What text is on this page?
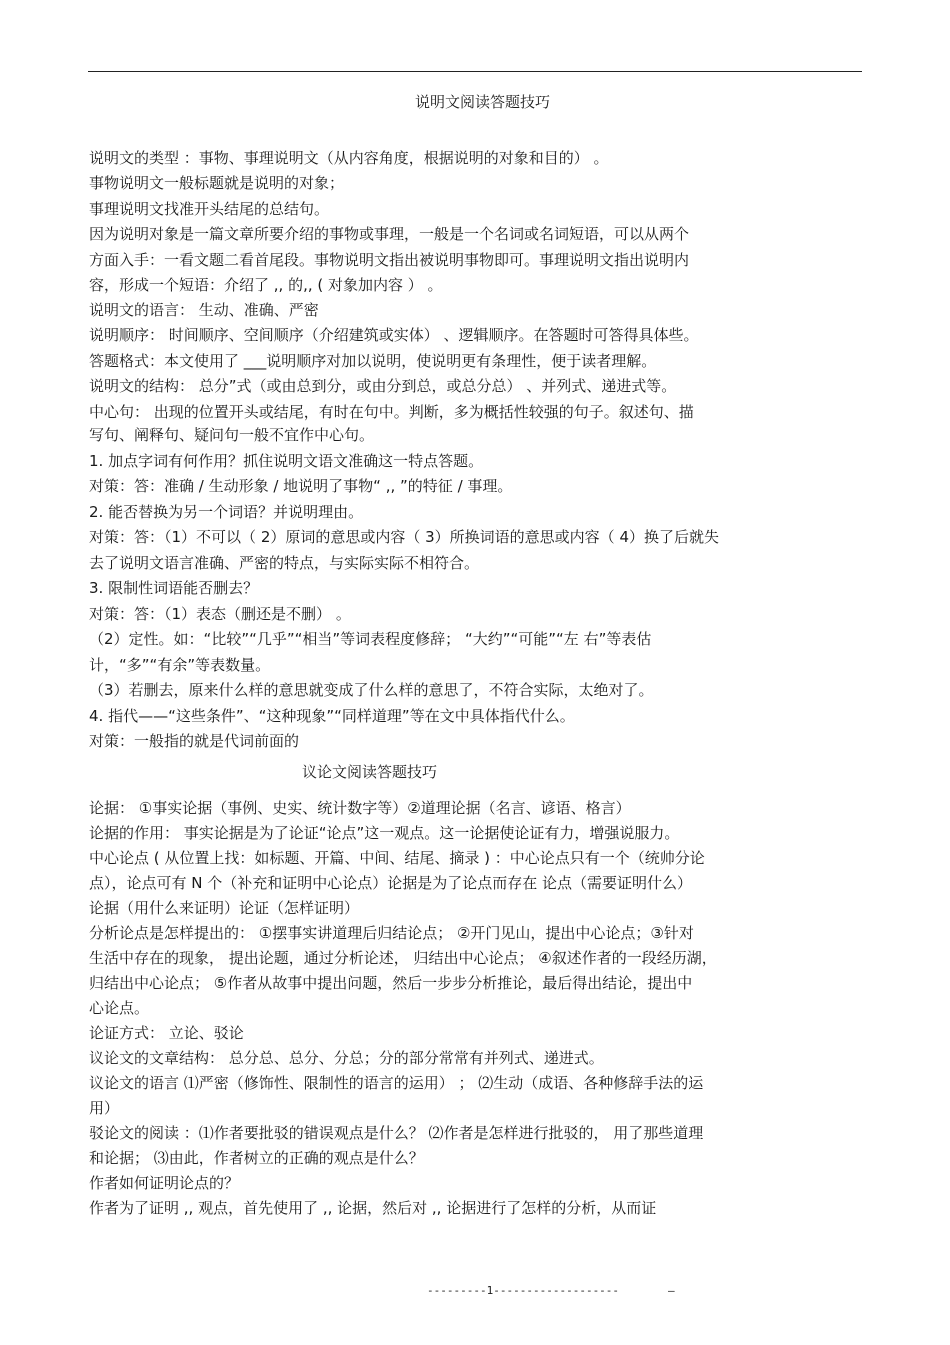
说明文阅读答题技巧
说明文的类型 ：事物、事理说明文（从内容角度，根据说明的对象和目的） 。
事物说明文一般标题就是说明的对象；
事理说明文找准开头结尾的总结句。
因为说明对象是一篇文章所要介绍的事物或事理，一般是一个名词或名词短语，可以从两个
方面入手：一看文题二看首尾段。事物说明文指出被说明事物即可。事理说明文指出说明内
容，形成一个短语：介绍了 ,, 的,, ( 对象加内容 ） 。
说明文的语言： 生动、准确、严密
说明顺序： 时间顺序、空间顺序（介绍建筑或实体） 、逻辑顺序。在答题时可答得具体些。
答题格式：本文使用了 ___说明顺序对加以说明，使说明更有条理性，便于读者理解。
说明文的结构： 总分”式（或由总到分，或由分到总，或总分总） 、并列式、递进式等。
中心句： 出现的位置开头或结尾，有时在句中。判断，多为概括性较强的句子。叙述句、描
写句、阐释句、疑问句一般不宜作中心句。
1. 加点字词有何作用？抓住说明文语文准确这一特点答题。
对策：答：准确 / 生动形象 / 地说明了事物“ ,, ”的特征 / 事理。
2. 能否替换为另一个词语？并说明理由。
对策：答：（1）不可以（ 2）原词的意思或内容（ 3）所换词语的意思或内容（ 4）换了后就失
去了说明文语言准确、严密的特点，与实际实际不相符合。
3. 限制性词语能否删去？
对策：答：（1）表态（删还是不删） 。
（2）定性。如：“比较”“几乎”“相当”等词表程度修辞； “大约”“可能”“左 右”等表估
计，“多”“有余”等表数量。
（3）若删去，原来什么样的意思就变成了什么样的意思了，不符合实际，太绝对了。
4. 指代——“这些条件”、“这种现象”“同样道理”等在文中具体指代什么。
对策：一般指的就是代词前面的
议论文阅读答题技巧
论据： ①事实论据（事例、史实、统计数字等）②道理论据（名言、谚语、格言）
论据的作用： 事实论据是为了论证“论点”这一观点。这一论据使论证有力，增强说服力。
中心论点 ( 从位置上找：如标题、开篇、中间、结尾、摘录 ) ：中心论点只有一个（统帅分论
点），论点可有 N 个（补充和证明中心论点）论据是为了论点而存在 论点（需要证明什么）
论据（用什么来证明）论证（怎样证明）
分析论点是怎样提出的： ①摆事实讲道理后归结论点； ②开门见山，提出中心论点；③针对
生活中存在的现象， 提出论题，通过分析论述， 归结出中心论点； ④叙述作者的一段经历湖，
归结出中心论点； ⑤作者从故事中提出问题，然后一步步分析推论，最后得出结论，提出中
心论点。
论证方式： 立论、驳论
议论文的文章结构： 总分总、总分、分总；分的部分常常有并列式、递进式。
议论文的语言 ⑴严密（修饰性、限制性的语言的运用） ； ⑵生动（成语、各种修辞手法的运
用）
驳论文的阅读 ：⑴作者要批驳的错误观点是什么？ ⑵作者是怎样进行批驳的， 用了那些道理
和论据； ⑶由此，作者树立的正确的观点是什么？
作者如何证明论点的？
作者为了证明 ,, 观点，首先使用了 ,, 论据，然后对 ,, 论据进行了怎样的分析，从而证
---------1-------------------	—
